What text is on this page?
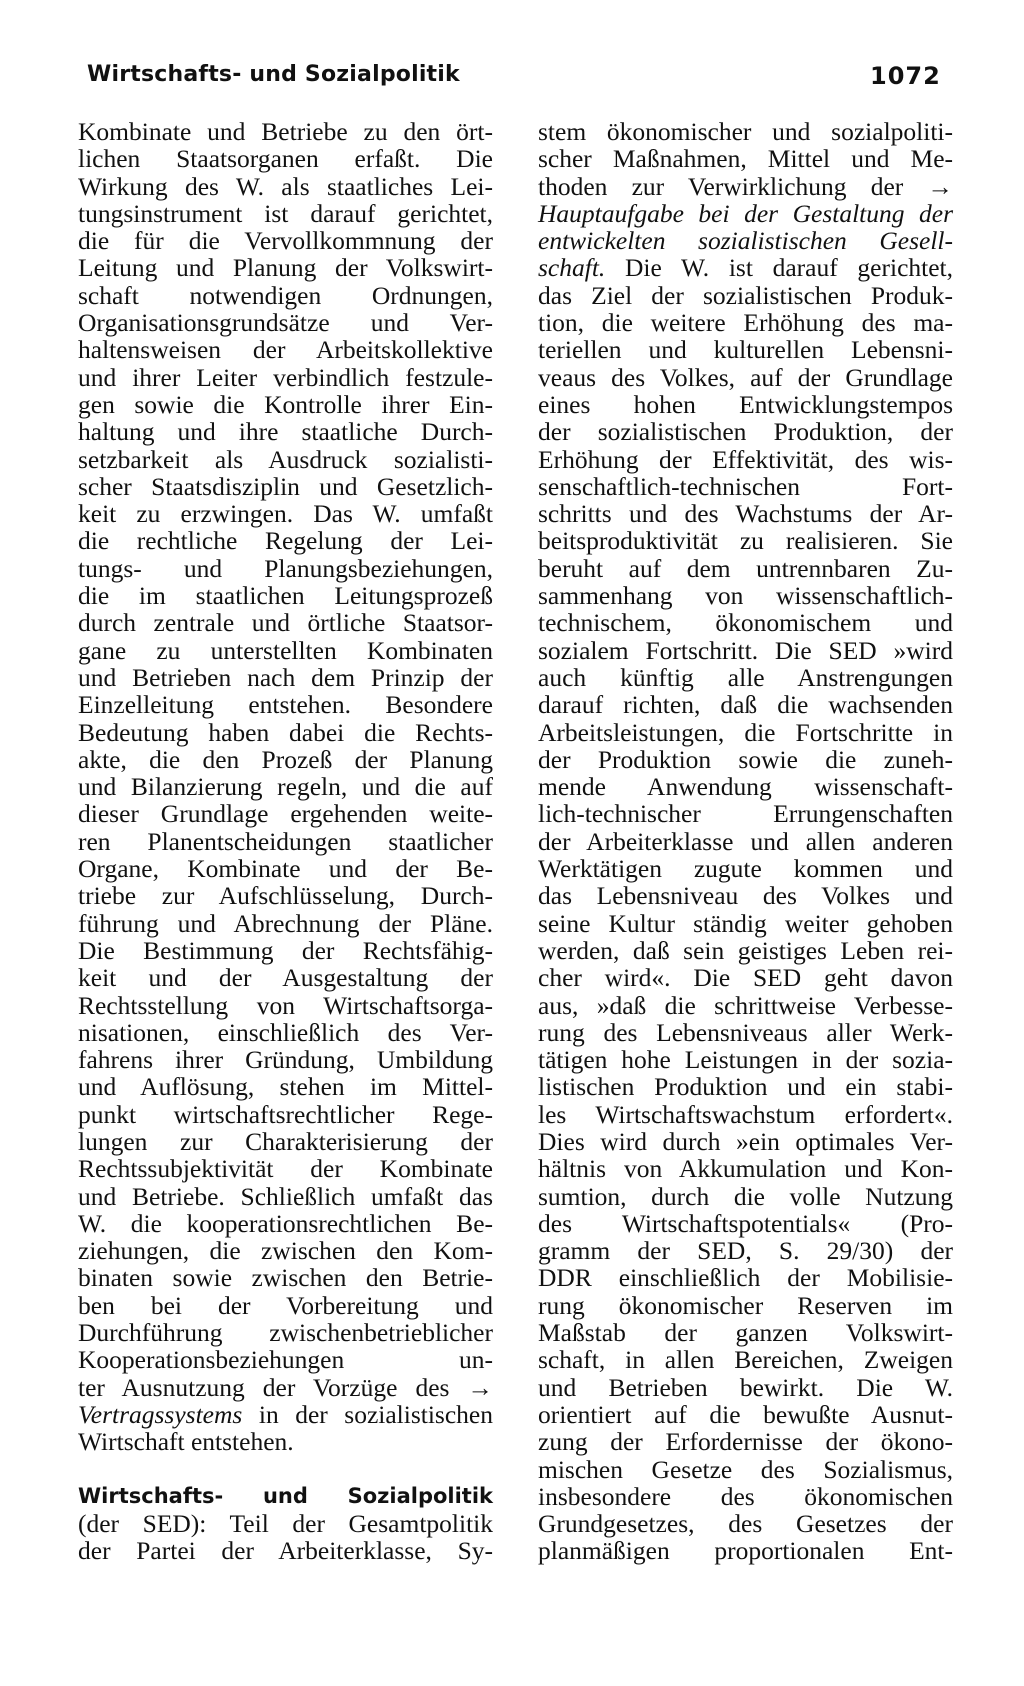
Wirtschafts- und Sozialpolitik	1072
Kombinate und Betriebe zu den ört-
lichen Staatsorganen erfaßt. Die
Wirkung des W. als staatliches Lei-
tungsinstrument ist darauf gerichtet,
die für die Vervollkommnung der
Leitung und Planung der Volkswirt-
schaft notwendigen Ordnungen,
Organisationsgrundsätze und Ver-
haltensweisen der Arbeitskollektive
und ihrer Leiter verbindlich festzule-
gen sowie die Kontrolle ihrer Ein-
haltung und ihre staatliche Durch-
setzbarkeit als Ausdruck sozialisti-
scher Staatsdisziplin und Gesetzlich-
keit zu erzwingen. Das W. umfaßt
die rechtliche Regelung der Lei-
tungs- und Planungsbeziehungen,
die im staatlichen Leitungsprozeß
durch zentrale und örtliche Staatsor-
gane zu unterstellten Kombinaten
und Betrieben nach dem Prinzip der
Einzelleitung entstehen. Besondere
Bedeutung haben dabei die Rechts-
akte, die den Prozeß der Planung
und Bilanzierung regeln, und die auf
dieser Grundlage ergehenden weite-
ren Planentscheidungen staatlicher
Organe, Kombinate und der Be-
triebe zur Aufschlüsselung, Durch-
führung und Abrechnung der Pläne.
Die Bestimmung der Rechtsfähig-
keit und der Ausgestaltung der
Rechtsstellung von Wirtschaftsorga-
nisationen, einschließlich des Ver-
fahrens ihrer Gründung, Umbildung
und Auflösung, stehen im Mittel-
punkt wirtschaftsrechtlicher Rege-
lungen zur Charakterisierung der
Rechtssubjektivität der Kombinate
und Betriebe. Schließlich umfaßt das
W. die kooperationsrechtlichen Be-
ziehungen, die zwischen den Kom-
binaten sowie zwischen den Betrie-
ben bei der Vorbereitung und
Durchführung zwischenbetrieblicher
Kooperationsbeziehungen un-
ter Ausnutzung der Vorzüge des →
Vertragssystems in der sozialistischen
Wirtschaft entstehen.
Wirtschafts- und Sozialpolitik
(der SED): Teil der Gesamtpolitik
der Partei der Arbeiterklasse, Sy-
stem ökonomischer und sozialpoliti-
scher Maßnahmen, Mittel und Me-
thoden zur Verwirklichung der →
Hauptaufgabe bei der Gestaltung der
entwickelten sozialistischen Gesell-
schaft. Die W. ist darauf gerichtet,
das Ziel der sozialistischen Produk-
tion, die weitere Erhöhung des ma-
teriellen und kulturellen Lebensni-
veaus des Volkes, auf der Grundlage
eines hohen Entwicklungstempos
der sozialistischen Produktion, der
Erhöhung der Effektivität, des wis-
senschaftlich-technischen Fort-
schritts und des Wachstums der Ar-
beitsproduktivität zu realisieren. Sie
beruht auf dem untrennbaren Zu-
sammenhang von wissenschaftlich-
technischem, ökonomischem und
sozialem Fortschritt. Die SED »wird
auch künftig alle Anstrengungen
darauf richten, daß die wachsenden
Arbeitsleistungen, die Fortschritte in
der Produktion sowie die zuneh-
mende Anwendung wissenschaft-
lich-technischer Errungenschaften
der Arbeiterklasse und allen anderen
Werktätigen zugute kommen und
das Lebensniveau des Volkes und
seine Kultur ständig weiter gehoben
werden, daß sein geistiges Leben rei-
cher wird«. Die SED geht davon
aus, »daß die schrittweise Verbesse-
rung des Lebensniveaus aller Werk-
tätigen hohe Leistungen in der sozia-
listischen Produktion und ein stabi-
les Wirtschaftswachstum erfordert«.
Dies wird durch »ein optimales Ver-
hältnis von Akkumulation und Kon-
sumtion, durch die volle Nutzung
des Wirtschaftspotentials« (Pro-
gramm der SED, S. 29/30) der
DDR einschließlich der Mobilisie-
rung ökonomischer Reserven im
Maßstab der ganzen Volkswirt-
schaft, in allen Bereichen, Zweigen
und Betrieben bewirkt. Die W.
orientiert auf die bewußte Ausnut-
zung der Erfordernisse der ökono-
mischen Gesetze des Sozialismus,
insbesondere des ökonomischen
Grundgesetzes, des Gesetzes der
planmäßigen proportionalen Ent-
